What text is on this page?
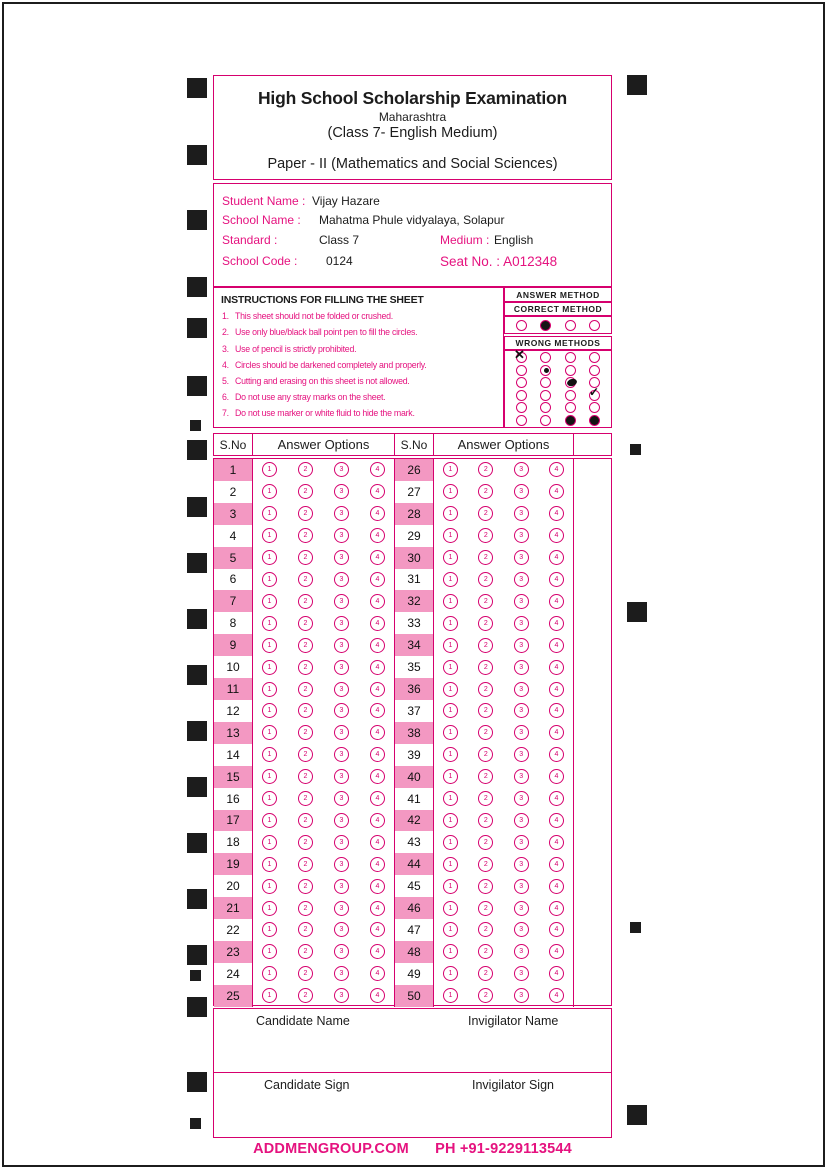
High School Scholarship Examination
Maharashtra
(Class 7- English Medium)
Paper - II (Mathematics and Social Sciences)
Student Name : Vijay Hazare
School Name : Mahatma Phule vidyalaya, Solapur
Standard :	Class 7	Medium : English
School Code : 0124	Seat No. : A012348
INSTRUCTIONS FOR FILLING THE SHEET
1. This sheet should not be folded or crushed.
2. Use only blue/black ball point pen to fill the circles.
3. Use of pencil is strictly prohibited.
4. Circles should be darkened completely and properly.
5. Cutting and erasing on this sheet is not allowed.
6. Do not use any stray marks on the sheet.
7. Do not use marker or white fluid to hide the mark.
ANSWER METHOD
CORRECT METHOD
WRONG METHODS
✕
✓
S.No	Answer Options	S.No	Answer Options
1	1	2	3	4	26	1	2	3	4
2	1	2	3	4	27	1	2	3	4
3	1	2	3	4	28	1	2	3	4
4	1	2	3	4	29	1	2	3	4
5	1	2	3	4	30	1	2	3	4
6	1	2	3	4	31	1	2	3	4
7	1	2	3	4	32	1	2	3	4
8	1	2	3	4	33	1	2	3	4
9	1	2	3	4	34	1	2	3	4
10	1	2	3	4	35	1	2	3	4
11	1	2	3	4	36	1	2	3	4
12	1	2	3	4	37	1	2	3	4
13	1	2	3	4	38	1	2	3	4
14	1	2	3	4	39	1	2	3	4
15	1	2	3	4	40	1	2	3	4
16	1	2	3	4	41	1	2	3	4
17	1	2	3	4	42	1	2	3	4
18	1	2	3	4	43	1	2	3	4
19	1	2	3	4	44	1	2	3	4
20	1	2	3	4	45	1	2	3	4
21	1	2	3	4	46	1	2	3	4
22	1	2	3	4	47	1	2	3	4
23	1	2	3	4	48	1	2	3	4
24	1	2	3	4	49	1	2	3	4
25	1	2	3	4	50	1	2	3	4
Candidate Name	Invigilator Name
Candidate Sign	Invigilator Sign
ADDMENGROUP.COM PH +91-9229113544
